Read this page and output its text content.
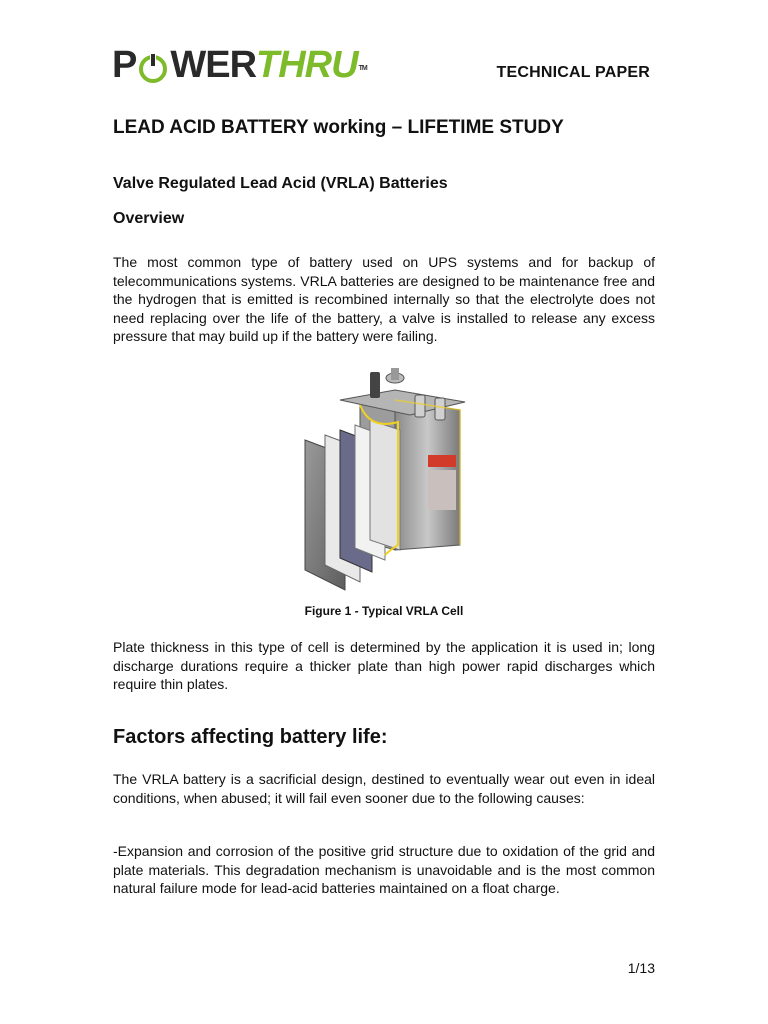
P WER THRU TM	TECHNICAL PAPER
LEAD ACID BATTERY working – LIFETIME STUDY
Valve Regulated Lead Acid (VRLA) Batteries
Overview
The most common type of battery used on UPS systems and for backup of telecommunications systems. VRLA batteries are designed to be maintenance free and the hydrogen that is emitted is recombined internally so that the electrolyte does not need replacing over the life of the battery, a valve is installed to release any excess pressure that may build up if the battery were failing.
Figure 1 - Typical VRLA Cell
Plate thickness in this type of cell is determined by the application it is used in; long discharge durations require a thicker plate than high power rapid discharges which require thin plates.
Factors affecting battery life:
The VRLA battery is a sacrificial design, destined to eventually wear out even in ideal conditions, when abused; it will fail even sooner due to the following causes:
-Expansion and corrosion of the positive grid structure due to oxidation of the grid and plate materials. This degradation mechanism is unavoidable and is the most common natural failure mode for lead-acid batteries maintained on a float charge.
1/13
